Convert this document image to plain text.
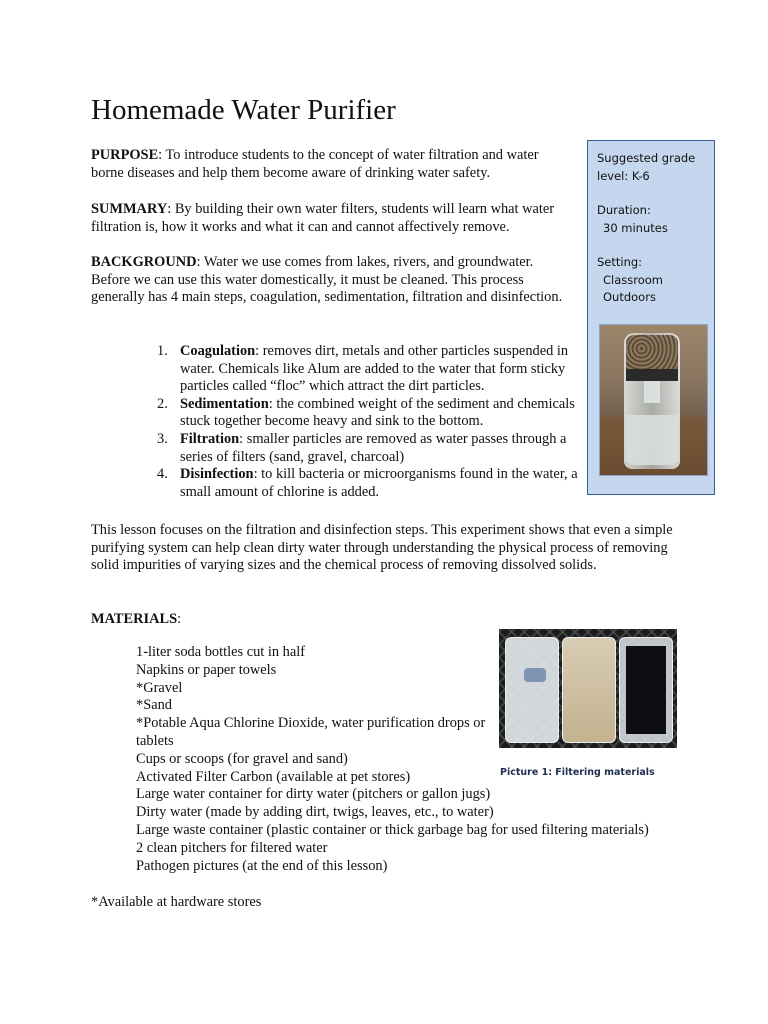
Homemade Water Purifier

PURPOSE: To introduce students to the concept of water filtration and water borne diseases and help them become aware of drinking water safety.

SUMMARY: By building their own water filters, students will learn what water filtration is, how it works and what it can and cannot affectively remove.

BACKGROUND: Water we use comes from lakes, rivers, and groundwater. Before we can use this water domestically, it must be cleaned. This process generally has 4 main steps, coagulation, sedimentation, filtration and disinfection.

1. Coagulation: removes dirt, metals and other particles suspended in water. Chemicals like Alum are added to the water that form sticky particles called “floc” which attract the dirt particles.
2. Sedimentation: the combined weight of the sediment and chemicals stuck together become heavy and sink to the bottom.
3. Filtration: smaller particles are removed as water passes through a series of filters (sand, gravel, charcoal)
4. Disinfection: to kill bacteria or microorganisms found in the water, a small amount of chlorine is added.

This lesson focuses on the filtration and disinfection steps. This experiment shows that even a simple purifying system can help clean dirty water through understanding the physical process of removing solid impurities of varying sizes and the chemical process of removing dissolved solids.

MATERIALS:

1-liter soda bottles cut in half
Napkins or paper towels
*Gravel
*Sand
*Potable Aqua Chlorine Dioxide, water purification drops or tablets
Cups or scoops (for gravel and sand)
Activated Filter Carbon (available at pet stores)
Large water container for dirty water (pitchers or gallon jugs)
Dirty water (made by adding dirt, twigs, leaves, etc., to water)
Large waste container (plastic container or thick garbage bag for used filtering materials)
2 clean pitchers for filtered water
Pathogen pictures (at the end of this lesson)

*Available at hardware stores

Suggested grade
level: K-6
Duration:
30 minutes
Setting:
Classroom
Outdoors
Picture 1: Filtering materials
